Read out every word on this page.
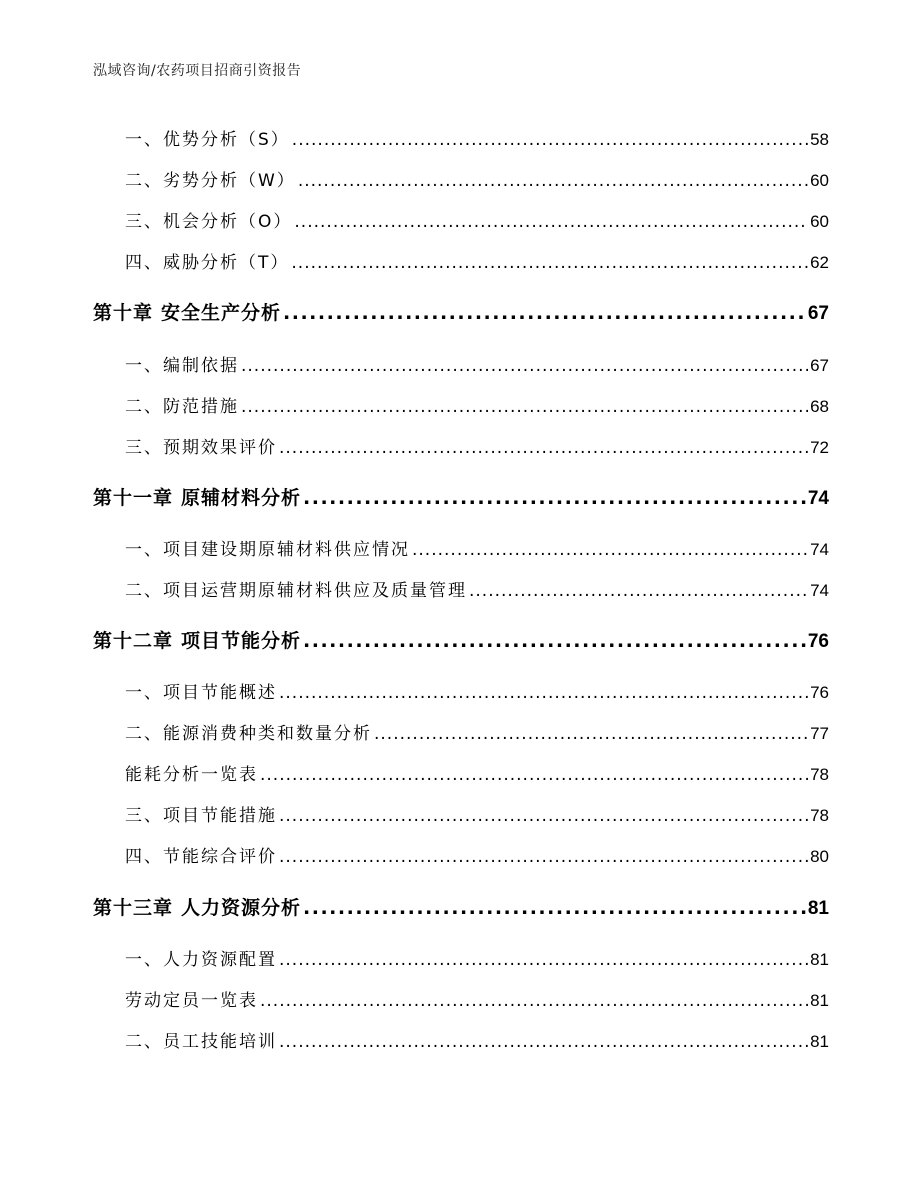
泓域咨询/农药项目招商引资报告
一、 优势分析（S） .....	58
二、 劣势分析（W） .....	60
三、 机会分析（O） .....	60
四、 威胁分析（T） .....	62
第十章 安全生产分析 .....	67
一、 编制依据 .....	67
二、 防范措施 .....	68
三、 预期效果评价 .....	72
第十一章 原辅材料分析 .....	74
一、 项目建设期原辅材料供应情况 .....	74
二、 项目运营期原辅材料供应及质量管理 .....	74
第十二章 项目节能分析 .....	76
一、 项目节能概述 .....	76
二、 能源消费种类和数量分析 .....	77
能耗分析一览表 .....	78
三、 项目节能措施 .....	78
四、 节能综合评价 .....	80
第十三章 人力资源分析 .....	81
一、 人力资源配置 .....	81
劳动定员一览表 .....	81
二、 员工技能培训 .....	81
